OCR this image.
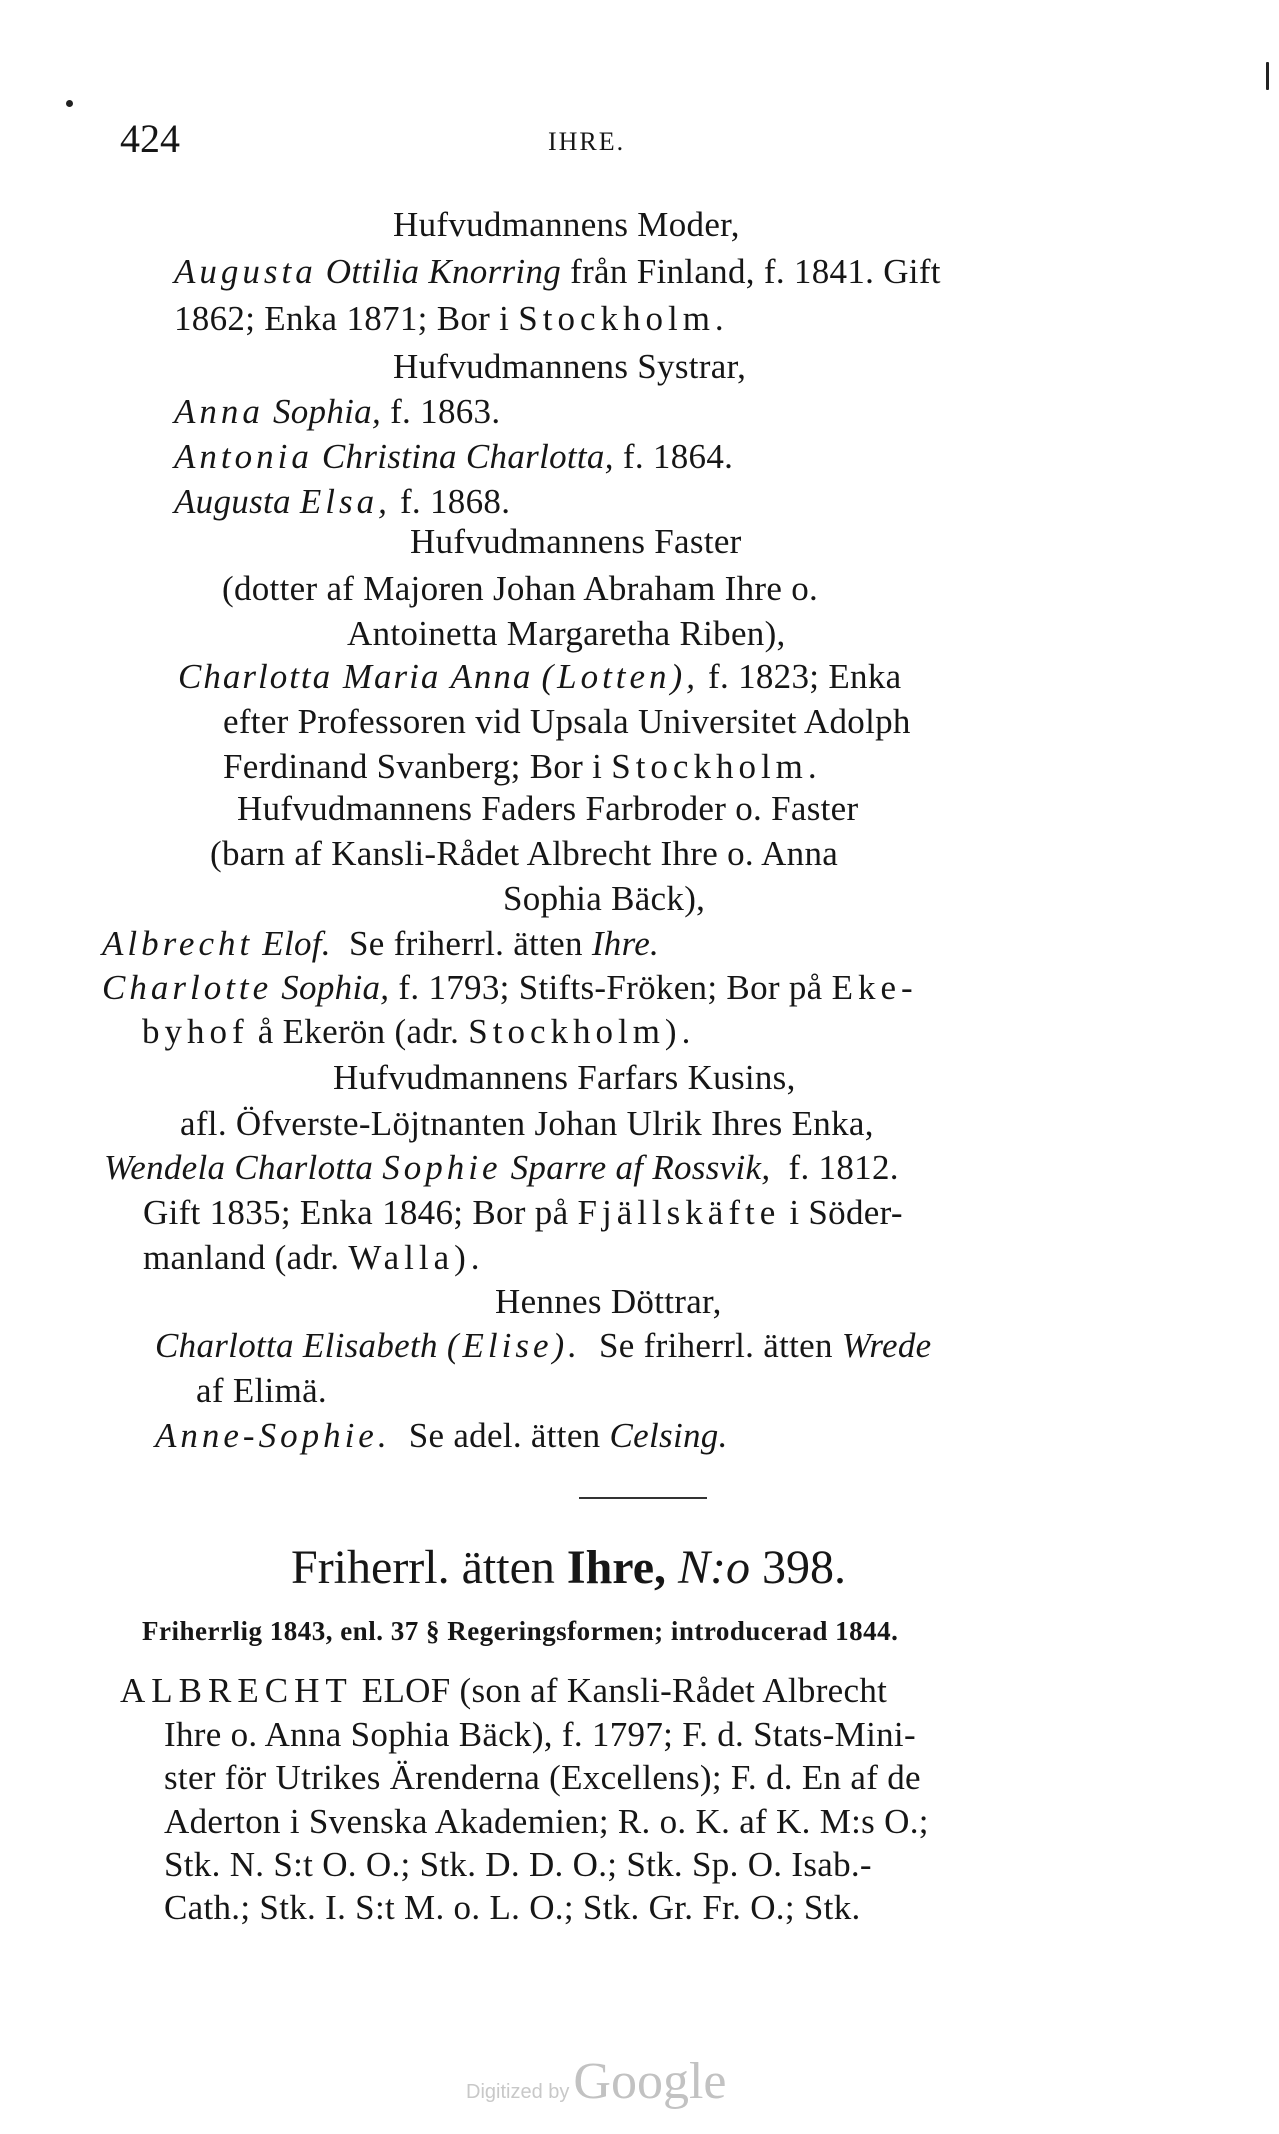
424	IHRE.
Hufvudmannens Moder,
Augusta Ottilia Knorring från Finland, f. 1841. Gift
1862; Enka 1871; Bor i Stockholm.
Hufvudmannens Systrar,
Anna Sophia, f. 1863.
Antonia Christina Charlotta, f. 1864.
Augusta Elsa, f. 1868.
Hufvudmannens Faster
(dotter af Majoren Johan Abraham Ihre o.
Antoinetta Margaretha Riben),
Charlotta Maria Anna (Lotten), f. 1823; Enka
efter Professoren vid Upsala Universitet Adolph
Ferdinand Svanberg; Bor i Stockholm.
Hufvudmannens Faders Farbroder o. Faster
(barn af Kansli-Rådet Albrecht Ihre o. Anna
Sophia Bäck),
Albrecht Elof. Se friherrl. ätten Ihre.
Charlotte Sophia, f. 1793; Stifts-Fröken; Bor på Eke-
byhof å Ekerön (adr. Stockholm).
Hufvudmannens Farfars Kusins,
afl. Öfverste-Löjtnanten Johan Ulrik Ihres Enka,
Wendela Charlotta Sophie Sparre af Rossvik, f. 1812.
Gift 1835; Enka 1846; Bor på Fjällskäfte i Söder-
manland (adr. Walla).
Hennes Döttrar,
Charlotta Elisabeth (Elise). Se friherrl. ätten Wrede
af Elimä.
Anne-Sophie. Se adel. ätten Celsing.
Friherrl. ätten Ihre, N:o 398.
Friherrlig 1843, enl. 37 § Regeringsformen; introducerad 1844.
ALBRECHT ELOF (son af Kansli-Rådet Albrecht
Ihre o. Anna Sophia Bäck), f. 1797; F. d. Stats-Mini-
ster för Utrikes Ärenderna (Excellens); F. d. En af de
Aderton i Svenska Akademien; R. o. K. af K. M:s O.;
Stk. N. S:t O. O.; Stk. D. D. O.; Stk. Sp. O. Isab.-
Cath.; Stk. I. S:t M. o. L. O.; Stk. Gr. Fr. O.; Stk.
Digitized by Google
